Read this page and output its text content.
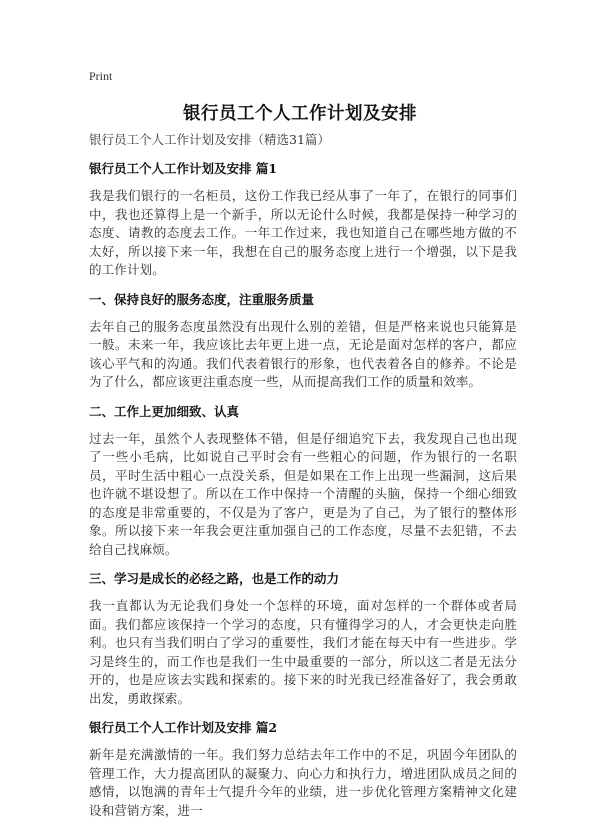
Print
银行员工个人工作计划及安排

银行员工个人工作计划及安排（精选31篇）

银行员工个人工作计划及安排 篇1

我是我们银行的一名柜员，这份工作我已经从事了一年了，在银行的同事们中，我也还算得上是一个新手，所以无论什么时候，我都是保持一种学习的态度、请教的态度去工作。一年工作过来，我也知道自己在哪些地方做的不太好，所以接下来一年，我想在自己的服务态度上进行一个增强，以下是我的工作计划。

一、保持良好的服务态度，注重服务质量

去年自己的服务态度虽然没有出现什么别的差错，但是严格来说也只能算是一般。未来一年，我应该比去年更上进一点，无论是面对怎样的客户，都应该心平气和的沟通。我们代表着银行的形象，也代表着各自的修养。不论是为了什么，都应该更注重态度一些，从而提高我们工作的质量和效率。

二、工作上更加细致、认真

过去一年，虽然个人表现整体不错，但是仔细追究下去，我发现自己也出现了一些小毛病，比如说自己平时会有一些粗心的问题，作为银行的一名职员，平时生活中粗心一点没关系，但是如果在工作上出现一些漏洞，这后果也许就不堪设想了。所以在工作中保持一个清醒的头脑，保持一个细心细致的态度是非常重要的，不仅是为了客户，更是为了自己，为了银行的整体形象。所以接下来一年我会更注重加强自己的工作态度，尽量不去犯错，不去给自己找麻烦。

三、学习是成长的必经之路，也是工作的动力

我一直都认为无论我们身处一个怎样的环境，面对怎样的一个群体或者局面。我们都应该保持一个学习的态度，只有懂得学习的人，才会更快走向胜利。也只有当我们明白了学习的重要性，我们才能在每天中有一些进步。学习是终生的，而工作也是我们一生中最重要的一部分，所以这二者是无法分开的，也是应该去实践和探索的。接下来的时光我已经准备好了，我会勇敢出发，勇敢探索。

银行员工个人工作计划及安排 篇2

新年是充满激情的一年。我们努力总结去年工作中的不足，巩固今年团队的管理工作，大力提高团队的凝聚力、向心力和执行力，增进团队成员之间的感情，以饱满的青年士气提升今年的业绩，进一步优化管理方案精神文化建设和营销方案，进一
